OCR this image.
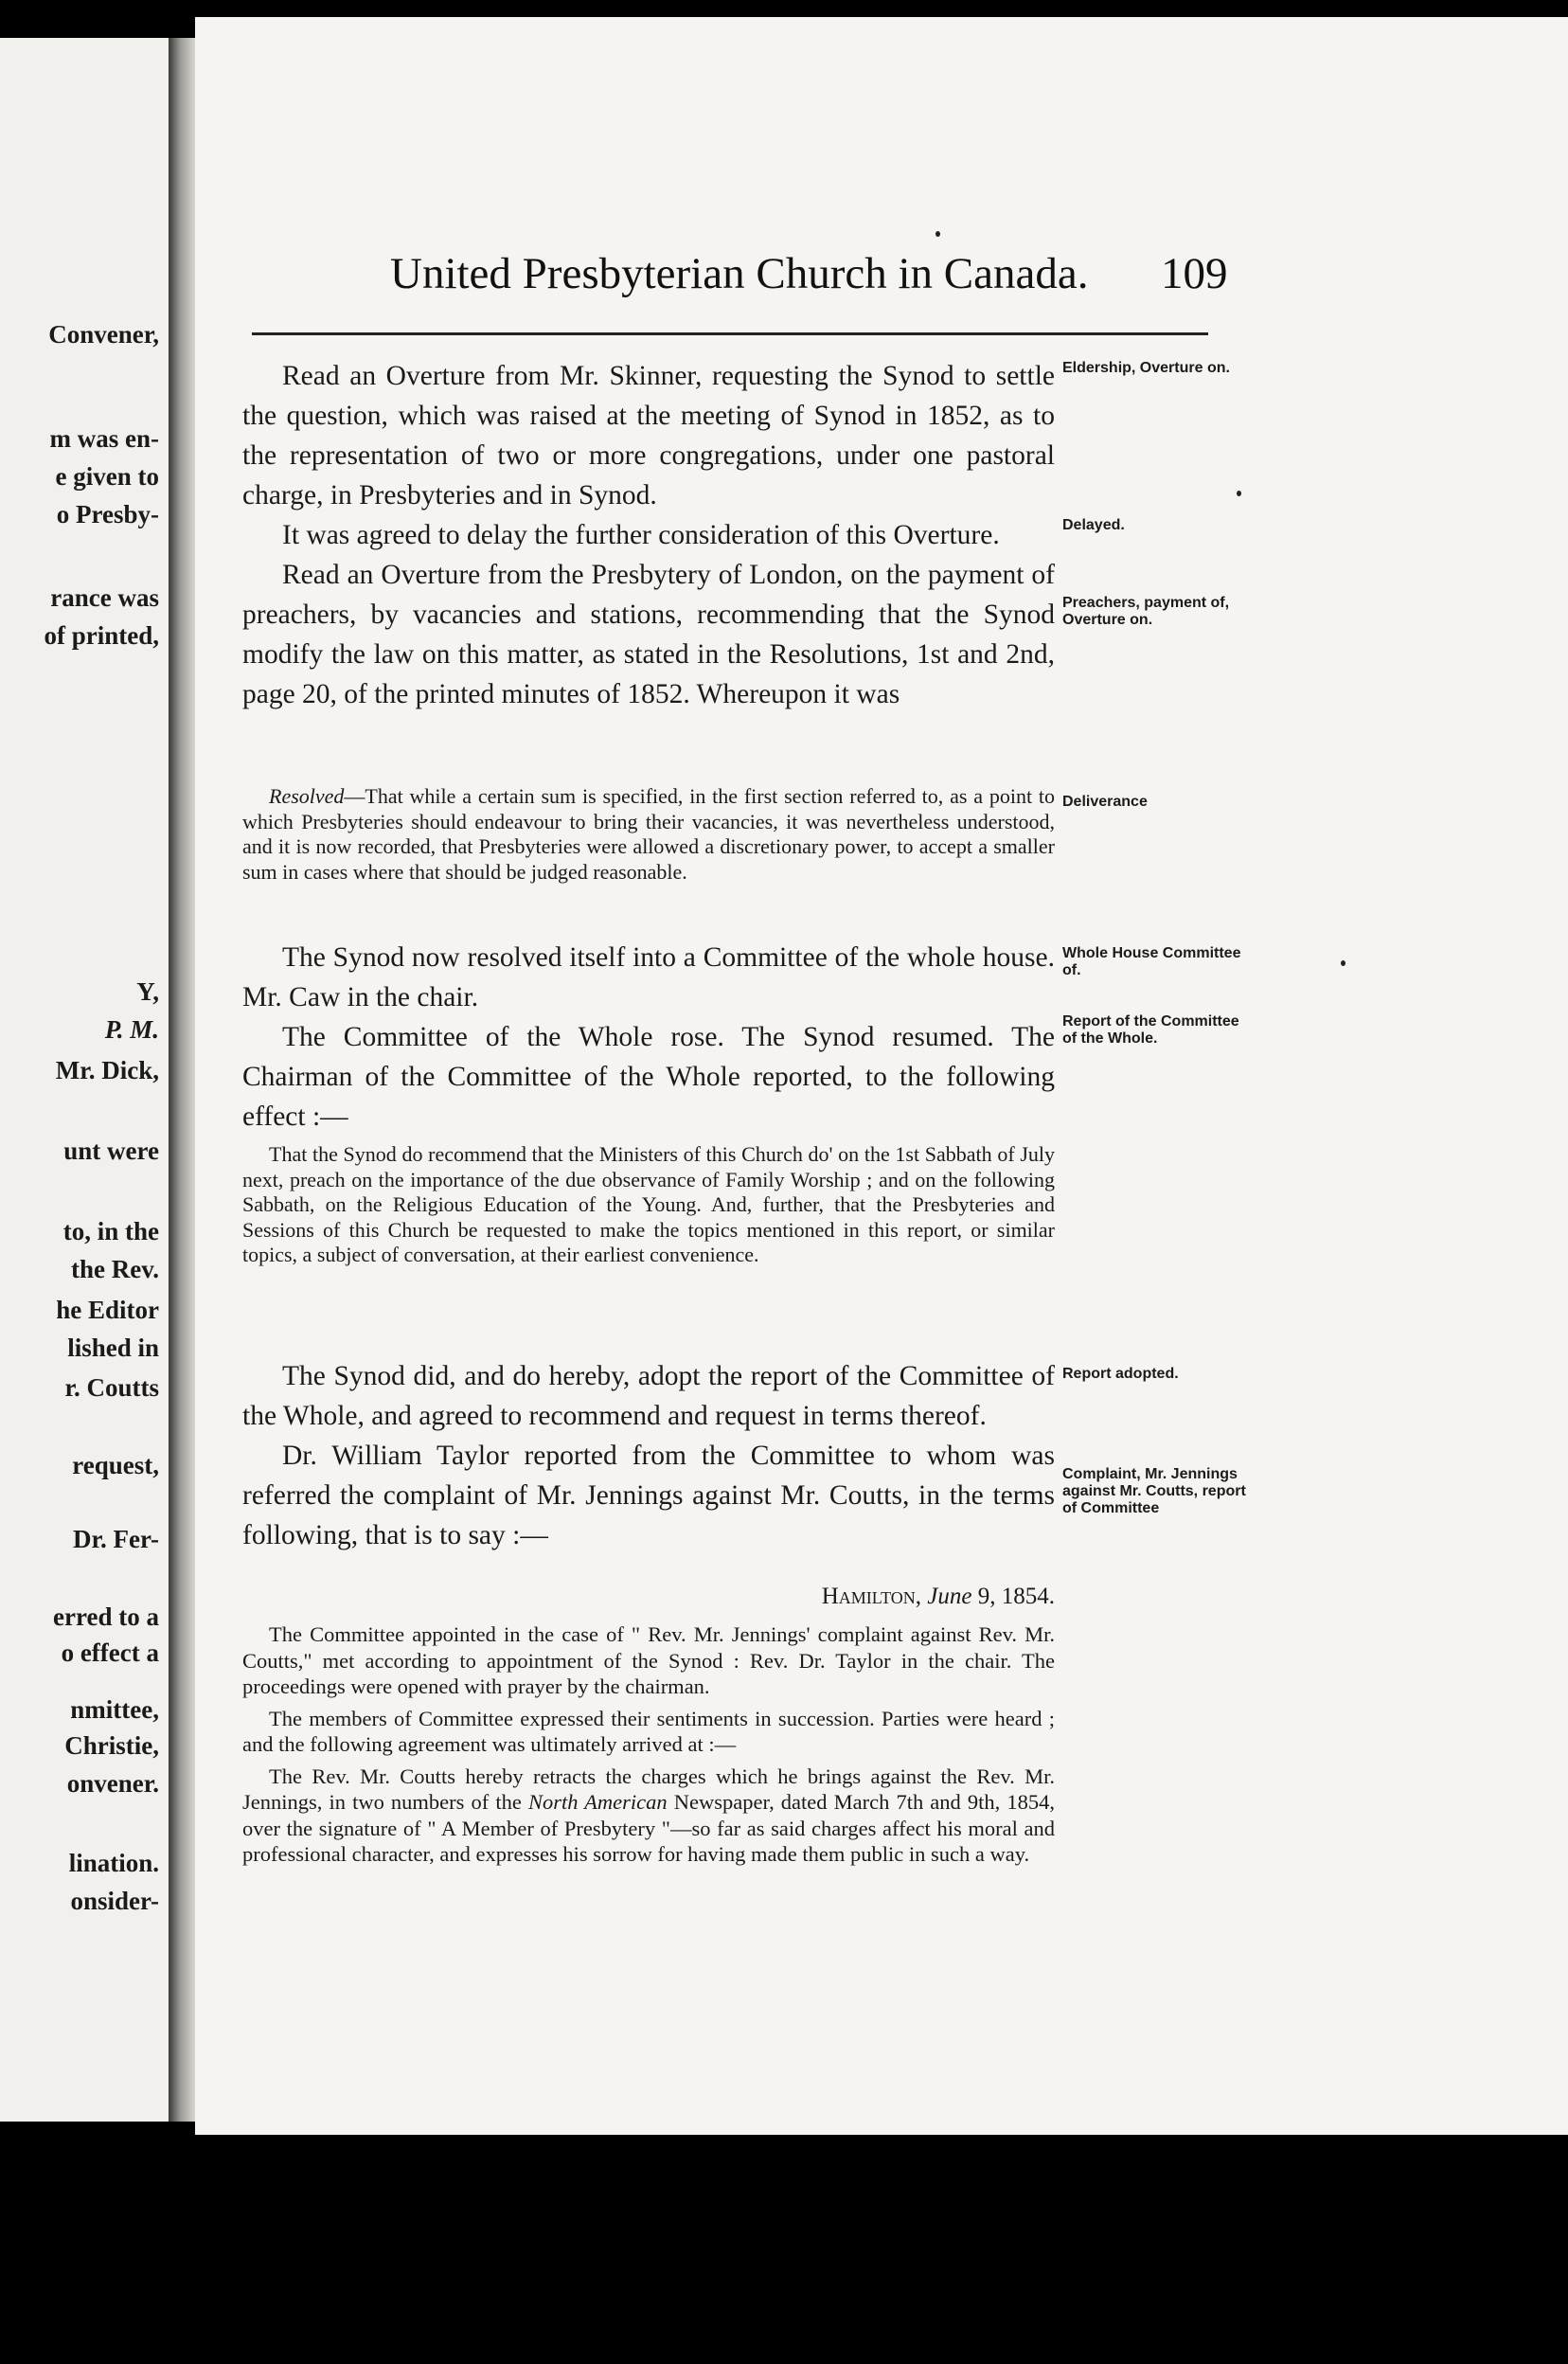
Convener,
m was en-
e given to
o Presby-
rance was
of printed,
Y,
P. M.
Mr. Dick,
unt were
to, in the
the Rev.
he Editor
lished in
r. Coutts
request,
Dr. Fer-
erred to a
o effect a
nmittee,
Christie,
onvener.
lination.
onsider-
United Presbyterian Church in Canada. 109

Read an Overture from Mr. Skinner, requesting the Synod to settle the question, which was raised at the meeting of Synod in 1852, as to the representation of two or more congregations, under one pastoral charge, in Presbyteries and in Synod.

It was agreed to delay the further consideration of this Overture.

Read an Overture from the Presbytery of London, on the payment of preachers, by vacancies and stations, recommending that the Synod modify the law on this matter, as stated in the Resolutions, 1st and 2nd, page 20, of the printed minutes of 1852. Whereupon it was

Resolved—That while a certain sum is specified, in the first section referred to, as a point to which Presbyteries should endeavour to bring their vacancies, it was nevertheless understood, and it is now recorded, that Presbyteries were allowed a discretionary power, to accept a smaller sum in cases where that should be judged reasonable.

The Synod now resolved itself into a Committee of the whole house. Mr. Caw in the chair.

The Committee of the Whole rose. The Synod resumed. The Chairman of the Committee of the Whole reported, to the following effect :—

That the Synod do recommend that the Ministers of this Church do' on the 1st Sabbath of July next, preach on the importance of the due observance of Family Worship ; and on the following Sabbath, on the Religious Education of the Young. And, further, that the Presbyteries and Sessions of this Church be requested to make the topics mentioned in this report, or similar topics, a subject of conversation, at their earliest convenience.

The Synod did, and do hereby, adopt the report of the Committee of the Whole, and agreed to recommend and request in terms thereof.

Dr. William Taylor reported from the Committee to whom was referred the complaint of Mr. Jennings against Mr. Coutts, in the terms following, that is to say :—

Hamilton, June 9, 1854.

The Committee appointed in the case of " Rev. Mr. Jennings' complaint against Rev. Mr. Coutts," met according to appointment of the Synod : Rev. Dr. Taylor in the chair. The proceedings were opened with prayer by the chairman.

The members of Committee expressed their sentiments in succession. Parties were heard ; and the following agreement was ultimately arrived at :—

The Rev. Mr. Coutts hereby retracts the charges which he brings against the Rev. Mr. Jennings, in two numbers of the North American Newspaper, dated March 7th and 9th, 1854, over the signature of " A Member of Presbytery "—so far as said charges affect his moral and professional character, and expresses his sorrow for having made them public in such a way.

Eldership, Overture on.
Delayed.
Preachers, payment of, Overture on.
Deliverance
Whole House Committee of.
Report of the Committee of the Whole.
Report adopted.
Complaint, Mr. Jennings against Mr. Coutts, report of Committee
